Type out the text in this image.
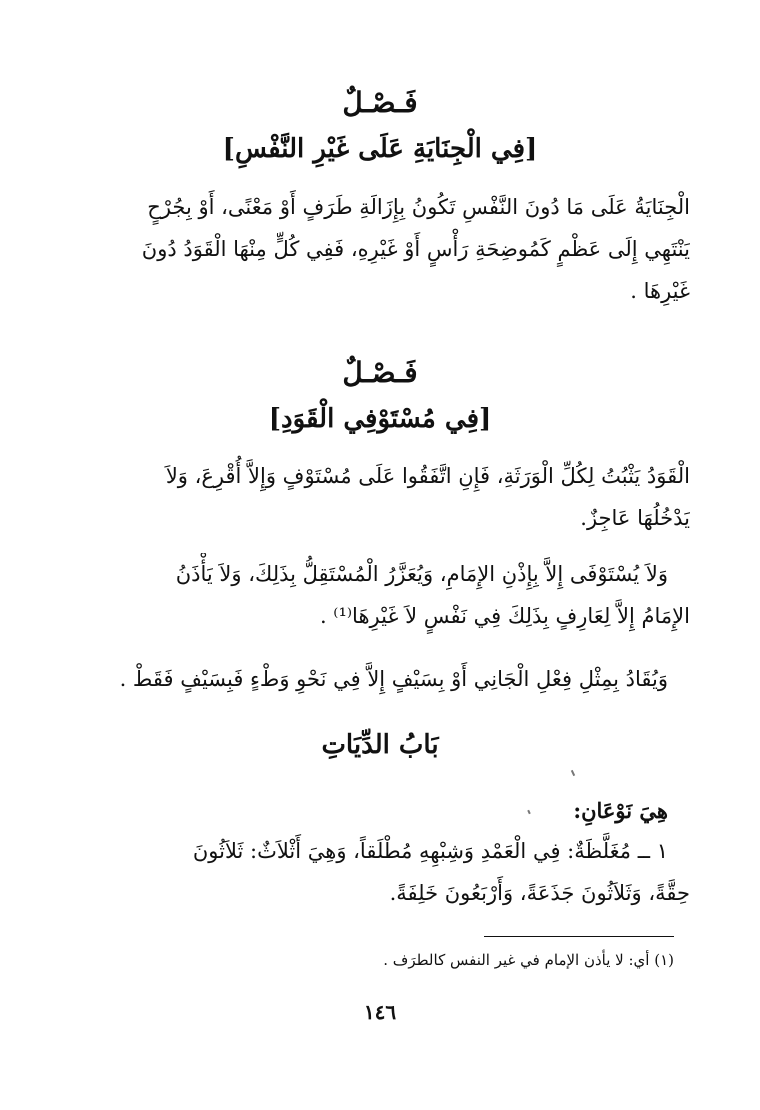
فَـصْـلٌ
[فِي الْجِنَايَةِ عَلَى غَيْرِ النَّفْسِ]
الْجِنَايَةُ عَلَى مَا دُونَ النَّفْسِ تَكُونُ بِإِزَالَةِ طَرَفٍ أَوْ مَعْنًى، أَوْ بِجُرْحٍ
يَنْتَهِي إِلَى عَظْمٍ كَمُوضِحَةِ رَأْسٍ أَوْ غَيْرِهِ، فَفِي كُلٍّ مِنْهَا الْقَوَدُ دُونَ
غَيْرِهَا .
فَـصْـلٌ
[فِي مُسْتَوْفِي الْقَوَدِ]
الْقَوَدُ يَثْبُتُ لِكُلِّ الْوَرَثَةِ، فَإِنِ اتَّفَقُوا عَلَى مُسْتَوْفٍ وَإِلاَّ أُقْرِعَ، وَلاَ
يَدْخُلُهَا عَاجِزٌ.
وَلاَ يُسْتَوْفَى إِلاَّ بِإِذْنِ الإِمَامِ، وَيُعَزَّرُ الْمُسْتَقِلُّ بِذَلِكَ، وَلاَ يَأْذَنُ
الإِمَامُ إِلاَّ لِعَارِفٍ بِذَلِكَ فِي نَفْسٍ لاَ غَيْرِهَا⁽¹⁾ .
وَيُقَادُ بِمِثْلِ فِعْلِ الْجَانِي أَوْ بِسَيْفٍ إِلاَّ فِي نَحْوِ وَطْءٍ فَبِسَيْفٍ فَقَطْ .
بَابُ الدِّيَاتِ
هِيَ نَوْعَانِ:
١ ــ مُغَلَّظَةٌ: فِي الْعَمْدِ وَشِبْهِهِ مُطْلَقاً، وَهِيَ أَثْلاَثٌ: ثَلاَثُونَ
حِقَّةً، وَثَلاَثُونَ جَذَعَةً، وَأَرْبَعُونَ خَلِفَةً.
(١) أي: لا يأذن الإمام في غير النفس كالطرَف .
١٤٦
